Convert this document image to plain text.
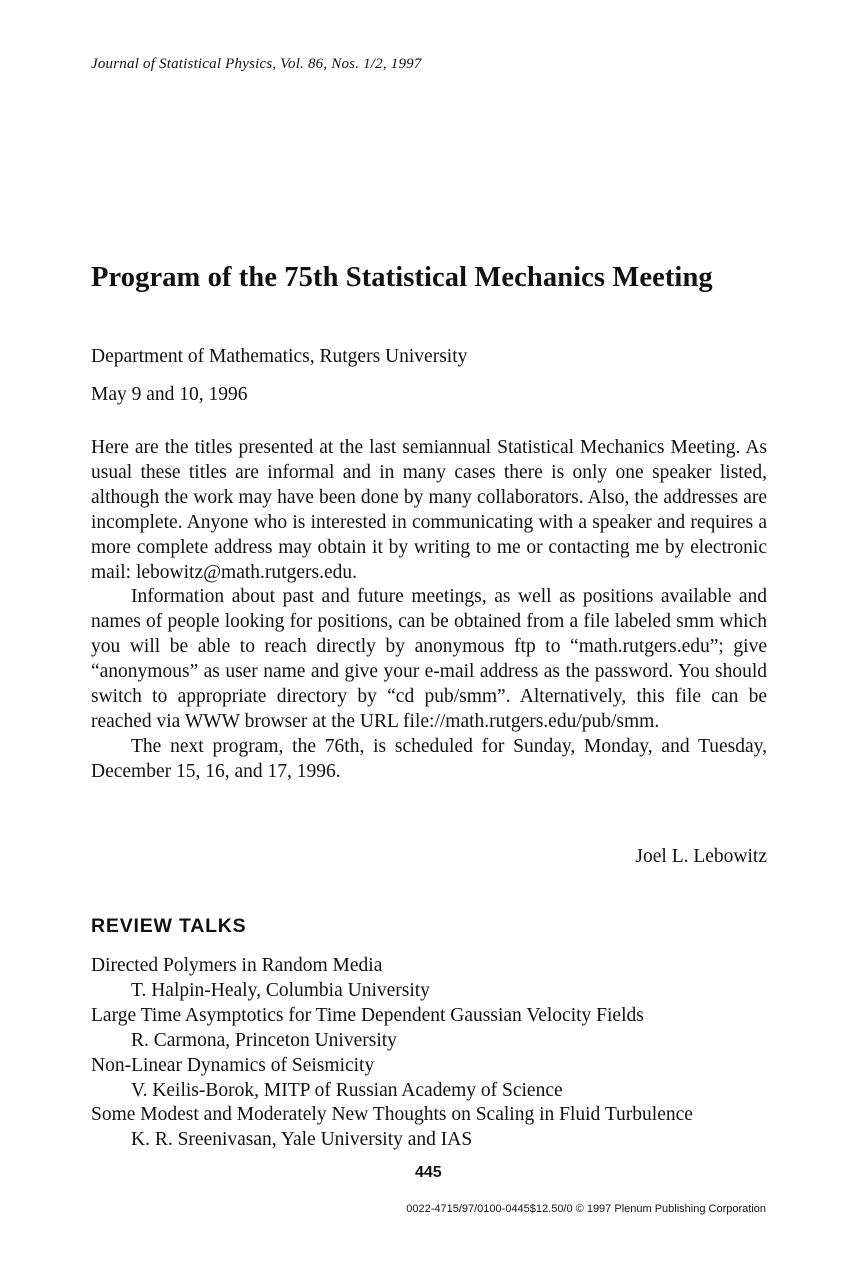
Journal of Statistical Physics, Vol. 86, Nos. 1/2, 1997
Program of the 75th Statistical Mechanics Meeting
Department of Mathematics, Rutgers University
May 9 and 10, 1996

Here are the titles presented at the last semiannual Statistical Mechanics Meeting. As usual these titles are informal and in many cases there is only one speaker listed, although the work may have been done by many collaborators. Also, the addresses are incomplete. Anyone who is interested in communicating with a speaker and requires a more complete address may obtain it by writing to me or contacting me by electronic mail: lebowitz@math.rutgers.edu.

Information about past and future meetings, as well as positions available and names of people looking for positions, can be obtained from a file labeled smm which you will be able to reach directly by anonymous ftp to “math.rutgers.edu”; give “anonymous” as user name and give your e-mail address as the password. You should switch to appropriate directory by “cd pub/smm”. Alternatively, this file can be reached via WWW browser at the URL file://math.rutgers.edu/pub/smm.

The next program, the 76th, is scheduled for Sunday, Monday, and Tuesday, December 15, 16, and 17, 1996.

Joel L. Lebowitz
REVIEW TALKS
Directed Polymers in Random Media
T. Halpin-Healy, Columbia University
Large Time Asymptotics for Time Dependent Gaussian Velocity Fields
R. Carmona, Princeton University
Non-Linear Dynamics of Seismicity
V. Keilis-Borok, MITP of Russian Academy of Science
Some Modest and Moderately New Thoughts on Scaling in Fluid Turbulence
K. R. Sreenivasan, Yale University and IAS
445
0022-4715/97/0100-0445$12.50/0 © 1997 Plenum Publishing Corporation
